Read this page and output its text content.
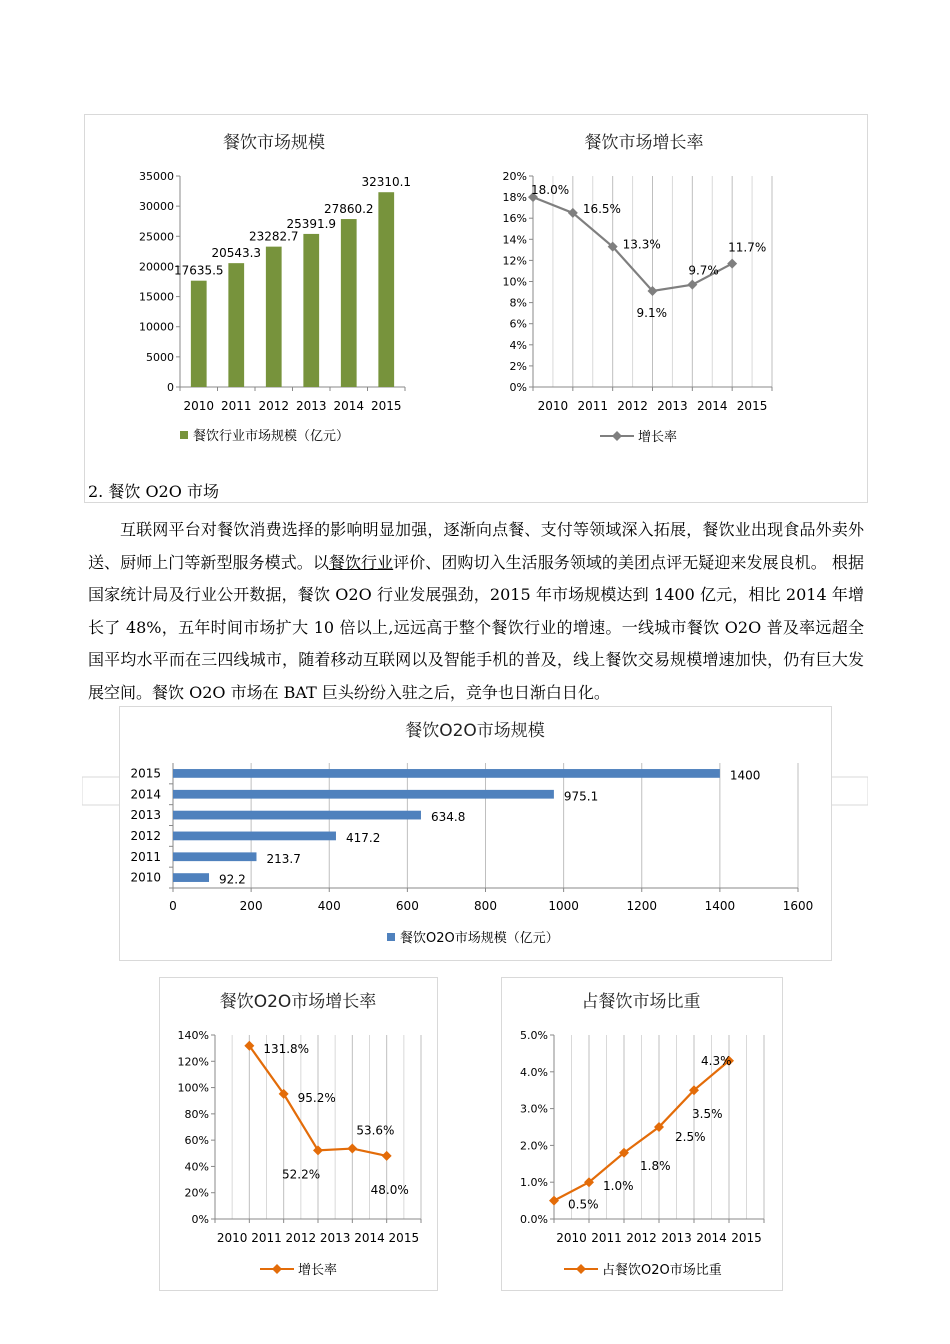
餐饮市场规模
0
5000
10000
15000
20000
25000
30000
35000
2010 2011 2012 2013 2014 2015
17635.5
20543.3
23282.7
25391.9
27860.2
32310.1
餐饮行业市场规模（亿元）
餐饮市场增长率
0%
2%
4%
6%
8%
10%
12%
14%
16%
18%
20%
2010 2011 2012 2013 2014 2015
18.0%
16.5%
13.3%
9.1%
9.7%
11.7%
增长率
2. 餐饮 O2O 市场
互联网平台对餐饮消费选择的影响明显加强，逐渐向点餐、支付等领域深入拓展，餐饮业出现食品外卖外送、厨师上门等新型服务模式。以餐饮行业评价、团购切入生活服务领域的美团点评无疑迎来发展良机。 根据国家统计局及行业公开数据，餐饮 O2O 行业发展强劲，2015 年市场规模达到 1400 亿元，相比 2014 年增长了 48%，五年时间市场扩大 10 倍以上,远远高于整个餐饮行业的增速。一线城市餐饮 O2O 普及率远超全国平均水平而在三四线城市，随着移动互联网以及智能手机的普及，线上餐饮交易规模增速加快，仍有巨大发展空间。餐饮 O2O 市场在 BAT 巨头纷纷入驻之后，竞争也日渐白日化。
餐饮O2O市场规模
0	200	400	600	800	1000	1200	1400	1600
2010	92.2
2011	213.7
2012	417.2
2013	634.8
2014	975.1
2015	1400
餐饮O2O市场规模（亿元）
餐饮O2O市场增长率
0%
20%
40%
60%
80%
100%
120%
140%
2010 2011 2012 2013 2014 2015
131.8%
95.2%
52.2%
53.6%
48.0%
增长率
占餐饮市场比重
0.0%
1.0%
2.0%
3.0%
4.0%
5.0%
2010 2011 2012 2013 2014 2015
0.5%
1.0%
1.8%
2.5%
3.5%
4.3%
占餐饮O2O市场比重
